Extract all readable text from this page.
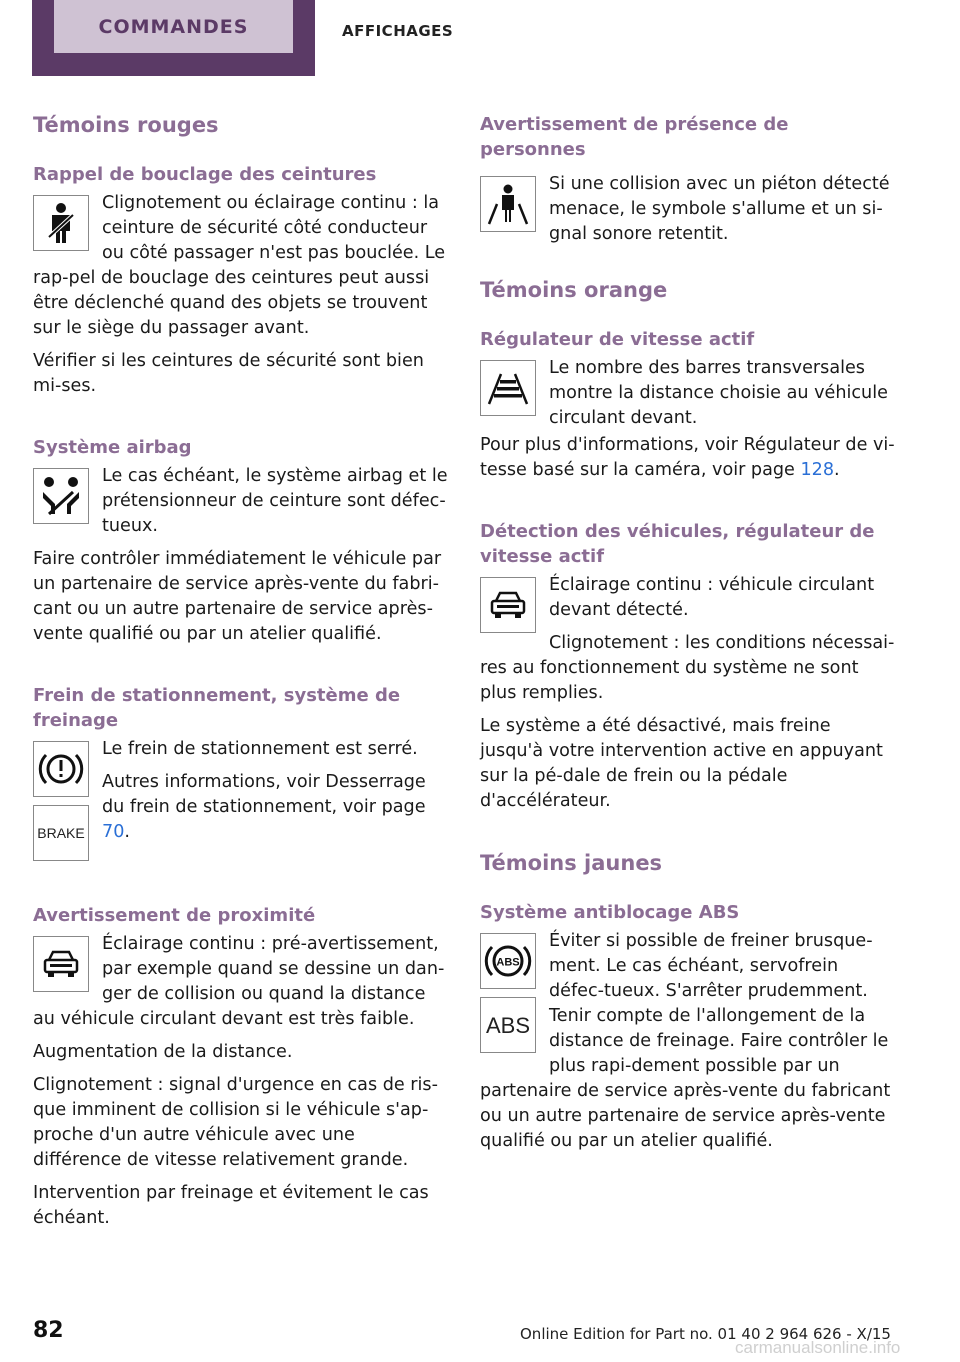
COMMANDES	AFFICHAGES
Témoins rouges
Rappel de bouclage des ceintures

Clignotement ou éclairage continu : la ceinture de sécurité côté conducteur ou côté passager n'est pas bouclée. Le rap-pel de bouclage des ceintures peut aussi être déclenché quand des objets se trouvent sur le siège du passager avant.

Vérifier si les ceintures de sécurité sont bien mi-ses.

Système airbag

Le cas échéant, le système airbag et le prétensionneur de ceinture sont défec-tueux.

Faire contrôler immédiatement le véhicule par un partenaire de service après-vente du fabri-cant ou un autre partenaire de service après-vente qualifié ou par un atelier qualifié.

Frein de stationnement, système de freinage
BRAKE

Le frein de stationnement est serré.

Autres informations, voir Desserrage du frein de stationnement, voir page 70.

Avertissement de proximité

Éclairage continu : pré-avertissement, par exemple quand se dessine un dan-ger de collision ou quand la distance au véhicule circulant devant est très faible.

Augmentation de la distance.

Clignotement : signal d'urgence en cas de ris-que imminent de collision si le véhicule s'ap-proche d'un autre véhicule avec une différence de vitesse relativement grande.

Intervention par freinage et évitement le cas échéant.

Avertissement de présence de personnes

Si une collision avec un piéton détecté menace, le symbole s'allume et un si-gnal sonore retentit.

Témoins orange
Régulateur de vitesse actif

Le nombre des barres transversales montre la distance choisie au véhicule circulant devant.

Pour plus d'informations, voir Régulateur de vi-tesse basé sur la caméra, voir page 128.

Détection des véhicules, régulateur de vitesse actif

Éclairage continu : véhicule circulant devant détecté.

Clignotement : les conditions nécessai-res au fonctionnement du système ne sont plus remplies.

Le système a été désactivé, mais freine jusqu'à votre intervention active en appuyant sur la pé-dale de frein ou la pédale d'accélérateur.

Témoins jaunes
Système antiblocage ABS
ABS
ABS

Éviter si possible de freiner brusque-ment. Le cas échéant, servofrein défec-tueux. S'arrêter prudemment. Tenir compte de l'allongement de la distance de freinage. Faire contrôler le plus rapi-dement possible par un partenaire de service après-vente du fabricant ou un autre partenaire de service après-vente qualifié ou par un atelier qualifié.

82	Online Edition for Part no. 01 40 2 964 626 - X/15
carmanualsonline.info
